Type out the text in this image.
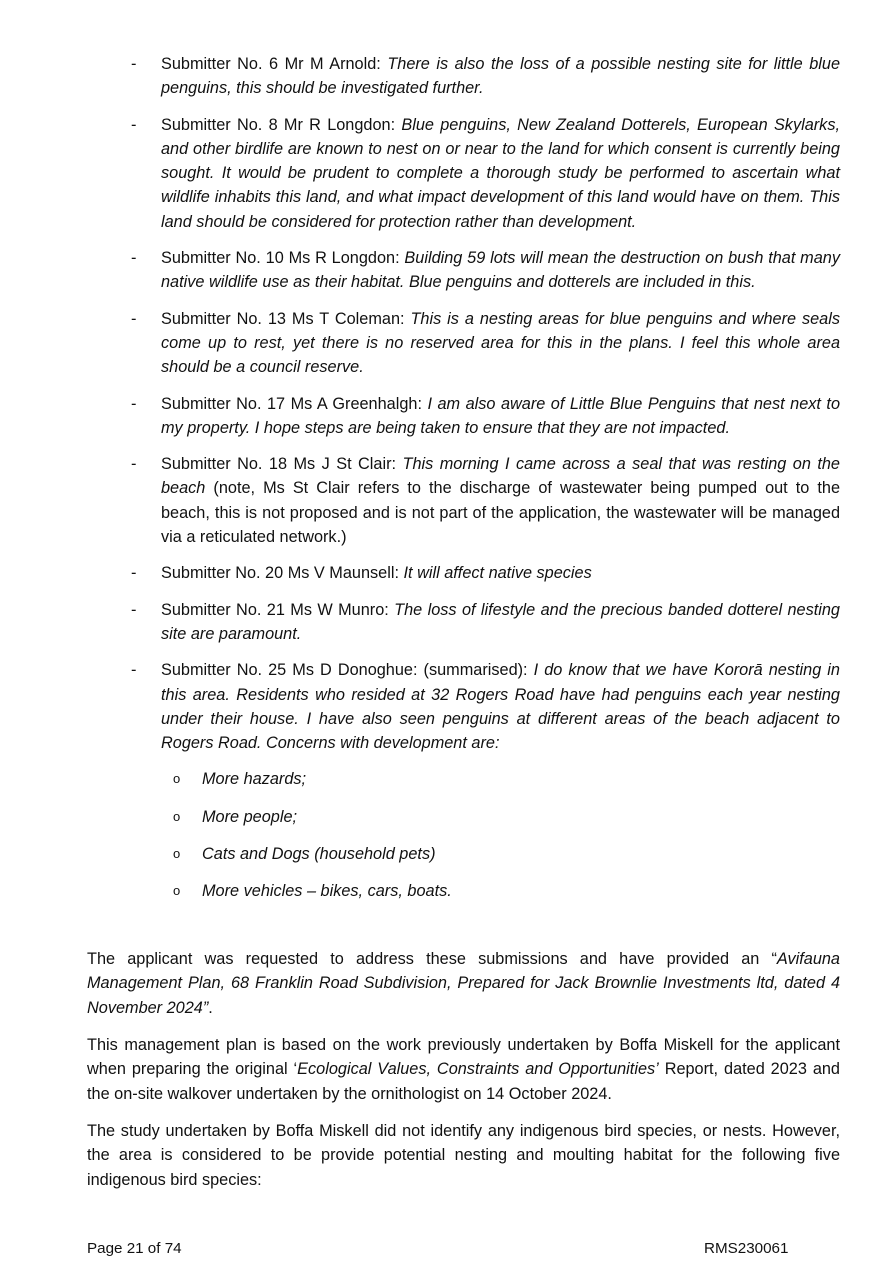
- Submitter No. 6 Mr M Arnold: There is also the loss of a possible nesting site for little blue penguins, this should be investigated further.
- Submitter No. 8 Mr R Longdon: Blue penguins, New Zealand Dotterels, European Skylarks, and other birdlife are known to nest on or near to the land for which consent is currently being sought. It would be prudent to complete a thorough study be performed to ascertain what wildlife inhabits this land, and what impact development of this land would have on them. This land should be considered for protection rather than development.
- Submitter No. 10 Ms R Longdon: Building 59 lots will mean the destruction on bush that many native wildlife use as their habitat. Blue penguins and dotterels are included in this.
- Submitter No. 13 Ms T Coleman: This is a nesting areas for blue penguins and where seals come up to rest, yet there is no reserved area for this in the plans. I feel this whole area should be a council reserve.
- Submitter No. 17 Ms A Greenhalgh: I am also aware of Little Blue Penguins that nest next to my property. I hope steps are being taken to ensure that they are not impacted.
- Submitter No. 18 Ms J St Clair: This morning I came across a seal that was resting on the beach (note, Ms St Clair refers to the discharge of wastewater being pumped out to the beach, this is not proposed and is not part of the application, the wastewater will be managed via a reticulated network.)
- Submitter No. 20 Ms V Maunsell: It will affect native species
- Submitter No. 21 Ms W Munro: The loss of lifestyle and the precious banded dotterel nesting site are paramount.
- Submitter No. 25 Ms D Donoghue: (summarised): I do know that we have Kororā nesting in this area. Residents who resided at 32 Rogers Road have had penguins each year nesting under their house. I have also seen penguins at different areas of the beach adjacent to Rogers Road. Concerns with development are:
o More hazards;
o More people;
o Cats and Dogs (household pets)
o More vehicles – bikes, cars, boats.

The applicant was requested to address these submissions and have provided an “Avifauna Management Plan, 68 Franklin Road Subdivision, Prepared for Jack Brownlie Investments ltd, dated 4 November 2024”.

This management plan is based on the work previously undertaken by Boffa Miskell for the applicant when preparing the original ‘Ecological Values, Constraints and Opportunities’ Report, dated 2023 and the on-site walkover undertaken by the ornithologist on 14 October 2024.

The study undertaken by Boffa Miskell did not identify any indigenous bird species, or nests. However, the area is considered to be provide potential nesting and moulting habitat for the following five indigenous bird species:

Page 21 of 74	RMS230061
